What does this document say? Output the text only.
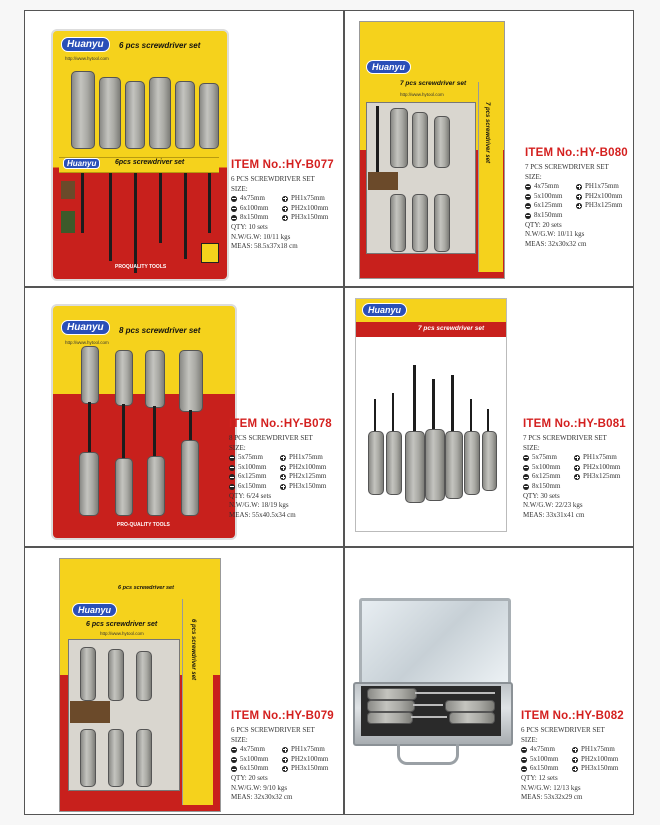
Huanyu	6 pcs screwdriver set
http://www.hytool.com
Huanyu	6pcs screwdriver set
PROQUALITY TOOLS
ITEM No.:HY-B077
6 PCS SCREWDRIVER SET
SIZE:
4x75mm	PH1x75mm
6x100mm	PH2x100mm
8x150mm	PH3x150mm
QTY: 10 sets
N.W/G.W: 10/11 kgs
MEAS: 58.5x37x18 cm
Huanyu
7 pcs screwdriver set
http://www.hytool.com
7 pcs screwdriver set	ITEM No.:HY-B080
7 PCS SCREWDRIVER SET
SIZE:
4x75mm	PH1x75mm
5x100mm	PH2x100mm
6x125mm	PH3x125mm
8x150mm
QTY: 20 sets
N.W/G.W: 10/11 kgs
MEAS: 32x30x32 cm
Huanyu	8 pcs screwdriver set
http://www.hytool.com
PRO-QUALITY TOOLS
ITEM No.:HY-B078
8 PCS SCREWDRIVER SET
SIZE:
5x75mm	PH1x75mm
5x100mm	PH2x100mm
6x125mm	PH2x125mm
6x150mm	PH3x150mm
QTY: 6/24 sets
N.W/G.W: 18/19 kgs
MEAS: 55x40.5x34 cm
Huanyu
7 pcs screwdriver set
ITEM No.:HY-B081
7 PCS SCREWDRIVER SET
SIZE:
5x75mm	PH1x75mm
5x100mm	PH2x100mm
6x125mm	PH3x125mm
8x150mm
QTY: 30 sets
N.W/G.W: 22/23 kgs
MEAS: 33x31x41 cm
6 pcs screwdriver set
Huanyu
6 pcs screwdriver set
http://www.hytool.com	6 pcs screwdriver set
ITEM No.:HY-B079
6 PCS SCREWDRIVER SET
SIZE:
4x75mm	PH1x75mm
5x100mm	PH2x100mm
6x150mm	PH3x150mm
QTY: 20 sets
N.W/G.W: 9/10 kgs
MEAS: 32x30x32 cm
ITEM No.:HY-B082
6 PCS SCREWDRIVER SET
SIZE:
4x75mm	PH1x75mm
5x100mm	PH2x100mm
6x150mm	PH3x150mm
QTY: 12 sets
N.W/G.W: 12/13 kgs
MEAS: 53x32x29 cm
